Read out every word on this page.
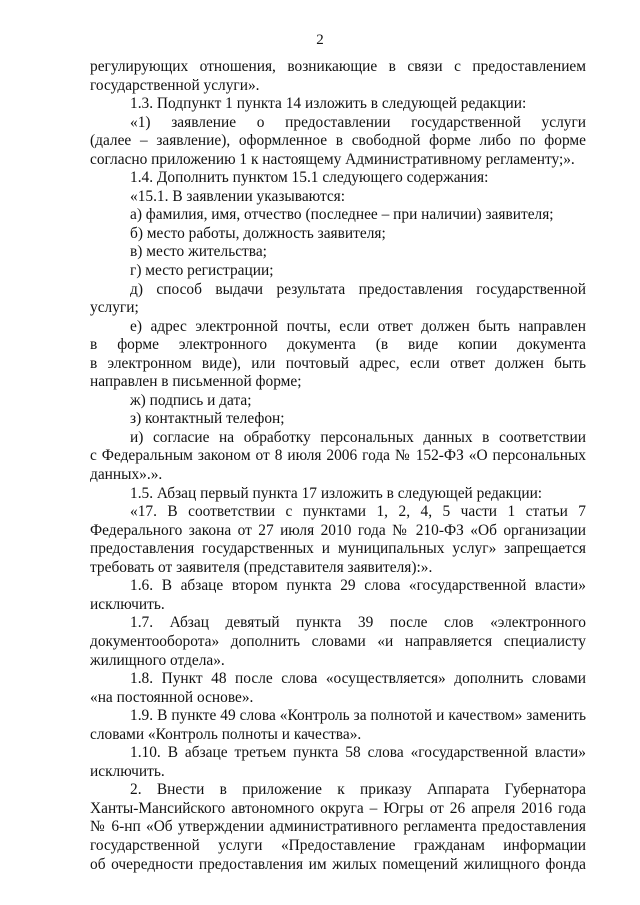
2
регулирующих отношения, возникающие в связи с предоставлением
государственной услуги».
1.3. Подпункт 1 пункта 14 изложить в следующей редакции:
«1) заявление о предоставлении государственной услуги
(далее – заявление), оформленное в свободной форме либо по форме
согласно приложению 1 к настоящему Административному регламенту;».
1.4. Дополнить пунктом 15.1 следующего содержания:
«15.1. В заявлении указываются:
а) фамилия, имя, отчество (последнее – при наличии) заявителя;
б) место работы, должность заявителя;
в) место жительства;
г) место регистрации;
д) способ выдачи результата предоставления государственной
услуги;
е) адрес электронной почты, если ответ должен быть направлен
в форме электронного документа (в виде копии документа
в электронном виде), или почтовый адрес, если ответ должен быть
направлен в письменной форме;
ж) подпись и дата;
з) контактный телефон;
и) согласие на обработку персональных данных в соответствии
с Федеральным законом от 8 июля 2006 года № 152-ФЗ «О персональных
данных».».
1.5. Абзац первый пункта 17 изложить в следующей редакции:
«17. В соответствии с пунктами 1, 2, 4, 5 части 1 статьи 7
Федерального закона от 27 июля 2010 года № 210-ФЗ «Об организации
предоставления государственных и муниципальных услуг» запрещается
требовать от заявителя (представителя заявителя):».
1.6. В абзаце втором пункта 29 слова «государственной власти»
исключить.
1.7. Абзац девятый пункта 39 после слов «электронного
документооборота» дополнить словами «и направляется специалисту
жилищного отдела».
1.8. Пункт 48 после слова «осуществляется» дополнить словами
«на постоянной основе».
1.9. В пункте 49 слова «Контроль за полнотой и качеством» заменить
словами «Контроль полноты и качества».
1.10. В абзаце третьем пункта 58 слова «государственной власти»
исключить.
2. Внести в приложение к приказу Аппарата Губернатора
Ханты-Мансийского автономного округа – Югры от 26 апреля 2016 года
№ 6-нп «Об утверждении административного регламента предоставления
государственной услуги «Предоставление гражданам информации
об очередности предоставления им жилых помещений жилищного фонда
